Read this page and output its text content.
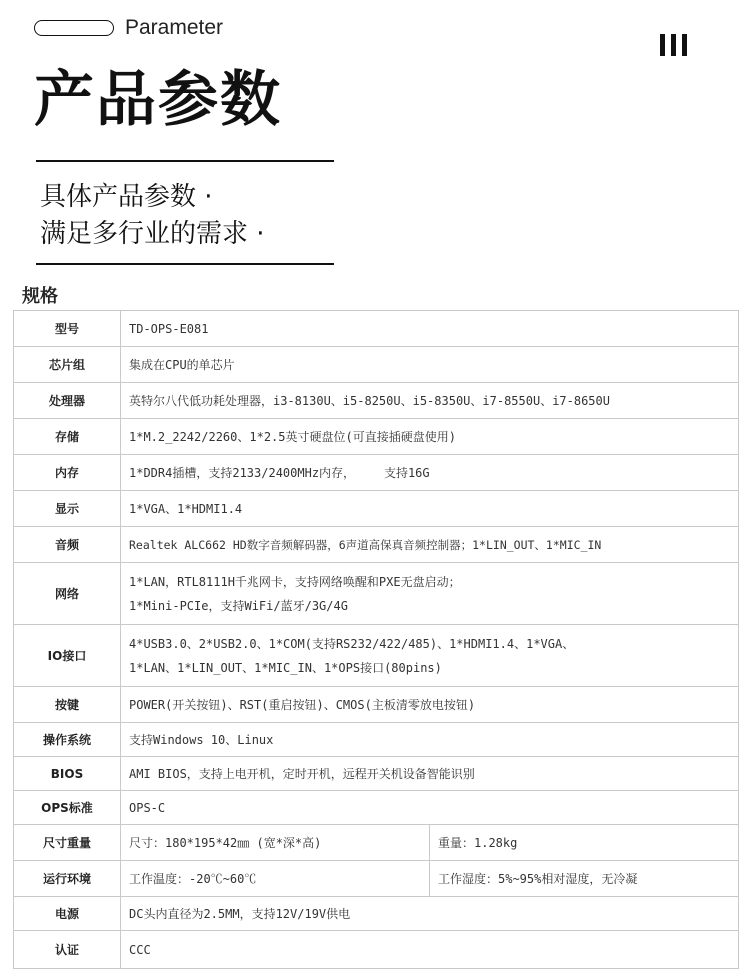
Parameter
产品参数
具体产品参数 ·
满足多行业的需求 ·
规格
型号	TD-OPS-E081	
芯片组	集成在CPU的单芯片	
处理器	英特尔八代低功耗处理器，i3-8130U、i5-8250U、i5-8350U、i7-8550U、i7-8650U	
存储	1*M.2_2242/2260、1*2.5英寸硬盘位(可直接插硬盘使用)	
内存	1*DDR4插槽，支持2133/2400MHz内存，    支持16G	
显示	1*VGA、1*HDMI1.4	
音频	Realtek ALC662 HD数字音频解码器，6声道高保真音频控制器；1*LIN_OUT、1*MIC_IN	
网络	1*LAN，RTL8111H千兆网卡，支持网络唤醒和PXE无盘启动；
1*Mini-PCIe，支持WiFi/蓝牙/3G/4G	

IO接口	4*USB3.0、2*USB2.0、1*COM(支持RS232/422/485)、1*HDMI1.4、1*VGA、
1*LAN、1*LIN_OUT、1*MIC_IN、1*OPS接口(80pins)	

按键	POWER(开关按钮)、RST(重启按钮)、CMOS(主板清零放电按钮)	
操作系统	支持Windows 10、Linux	
BIOS	AMI BIOS，支持上电开机，定时开机，远程开关机设备智能识别	
OPS标准	OPS-C	
尺寸重量	尺寸：180*195*42㎜ (宽*深*高)	重量：1.28kg
运行环境	工作温度：-20℃~60℃	工作湿度：5%~95%相对湿度，无冷凝
电源	DC头内直径为2.5MM，支持12V/19V供电	
认证	CCC	
